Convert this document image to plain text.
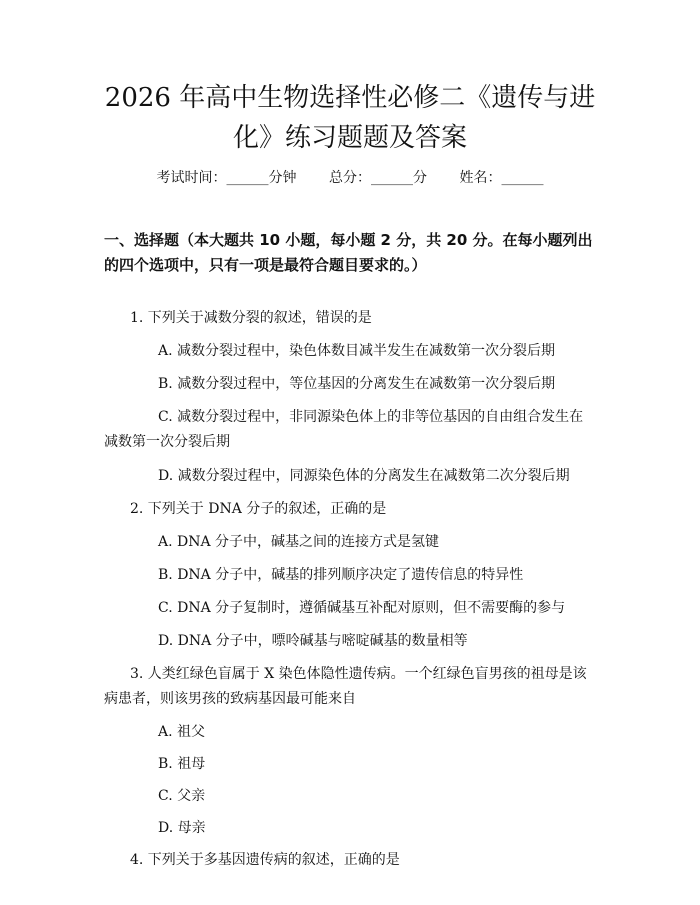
2026 年高中生物选择性必修二《遗传与进
化》练习题题及答案
考试时间：______分钟 总分：______分 姓名：______
一、选择题（本大题共 10 小题，每小题 2 分，共 20 分。在每小题列出的四个选项中，只有一项是最符合题目要求的。）
1. 下列关于减数分裂的叙述，错误的是
A. 减数分裂过程中，染色体数目减半发生在减数第一次分裂后期
B. 减数分裂过程中，等位基因的分离发生在减数第一次分裂后期
C. 减数分裂过程中，非同源染色体上的非等位基因的自由组合发生在减数第一次分裂后期
D. 减数分裂过程中，同源染色体的分离发生在减数第二次分裂后期
2. 下列关于 DNA 分子的叙述，正确的是
A. DNA 分子中，碱基之间的连接方式是氢键
B. DNA 分子中，碱基的排列顺序决定了遗传信息的特异性
C. DNA 分子复制时，遵循碱基互补配对原则，但不需要酶的参与
D. DNA 分子中，嘌呤碱基与嘧啶碱基的数量相等
3. 人类红绿色盲属于 X 染色体隐性遗传病。一个红绿色盲男孩的祖母是该病患者，则该男孩的致病基因最可能来自
A. 祖父
B. 祖母
C. 父亲
D. 母亲
4. 下列关于多基因遗传病的叙述，正确的是
